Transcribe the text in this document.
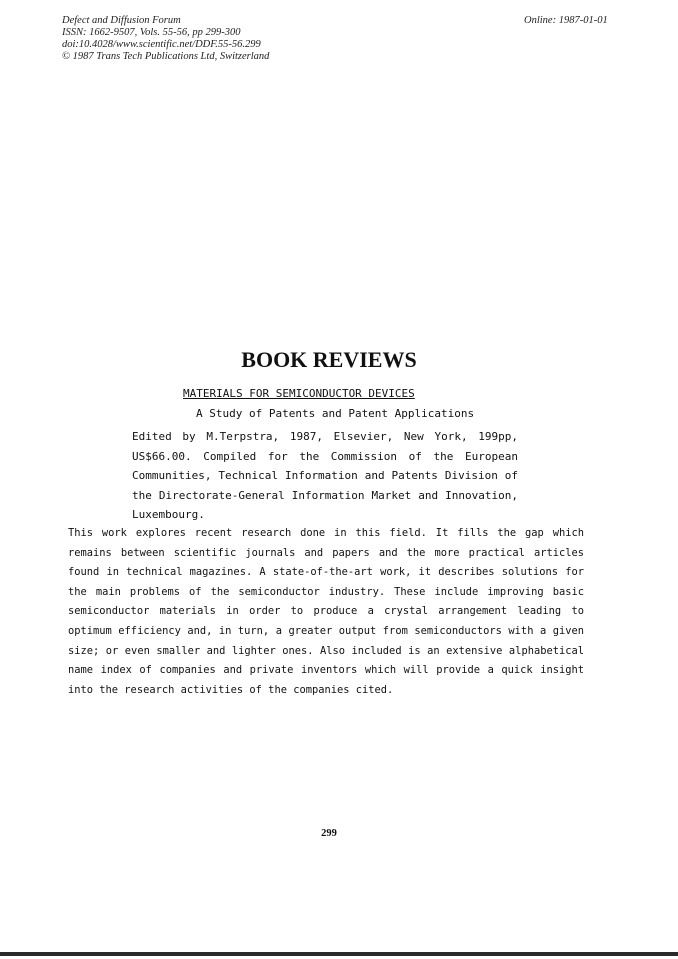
Defect and Diffusion Forum
ISSN: 1662-9507, Vols. 55-56, pp 299-300
doi:10.4028/www.scientific.net/DDF.55-56.299
© 1987 Trans Tech Publications Ltd, Switzerland
Online: 1987-01-01
BOOK REVIEWS
MATERIALS FOR SEMICONDUCTOR DEVICES
A Study of Patents and Patent Applications
Edited by M.Terpstra, 1987, Elsevier, New York, 199pp, US$66.00. Compiled for the Commission of the European Communities, Technical Information and Patents Division of the Directorate-General Information Market and Innovation, Luxembourg.
This work explores recent research done in this field. It fills the gap which remains between scientific journals and papers and the more practical articles found in technical magazines. A state-of-the-art work, it describes solutions for the main problems of the semiconductor industry. These include improving basic semiconductor materials in order to produce a crystal arrangement leading to optimum efficiency and, in turn, a greater output from semiconductors with a given size; or even smaller and lighter ones. Also included is an extensive alphabetical name index of companies and private inventors which will provide a quick insight into the research activities of the companies cited.
299
